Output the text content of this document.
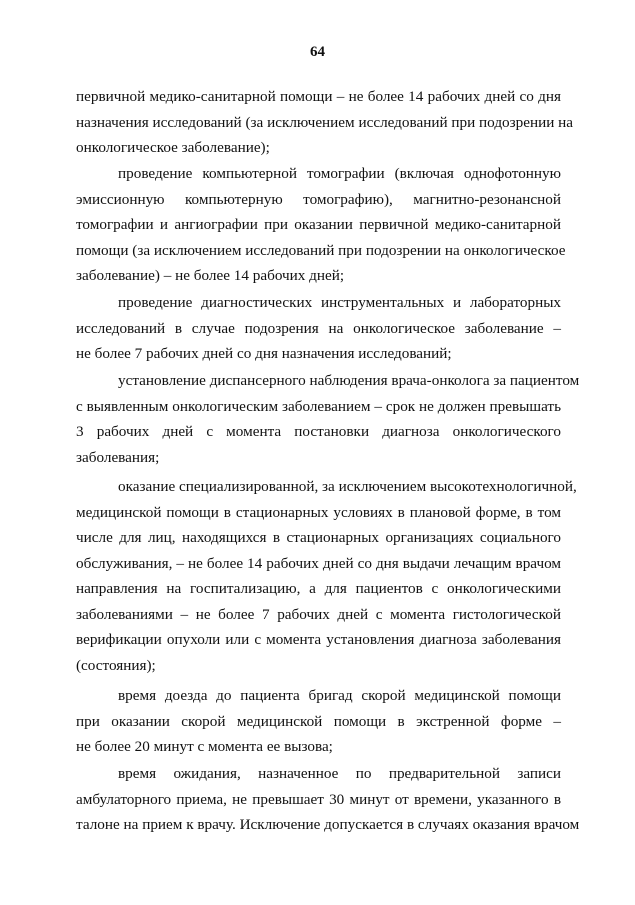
64
первичной медико-санитарной помощи – не более 14 рабочих дней со дня
назначения исследований (за исключением исследований при подозрении на
онкологическое заболевание);
проведение компьютерной томографии (включая однофотонную
эмиссионную компьютерную томографию), магнитно-резонансной
томографии и ангиографии при оказании первичной медико-санитарной
помощи (за исключением исследований при подозрении на онкологическое
заболевание) – не более 14 рабочих дней;
проведение диагностических инструментальных и лабораторных
исследований в случае подозрения на онкологическое заболевание –
не более 7 рабочих дней со дня назначения исследований;
установление диспансерного наблюдения врача-онколога за пациентом
с выявленным онкологическим заболеванием – срок не должен превышать
3 рабочих дней с момента постановки диагноза онкологического
заболевания;
оказание специализированной, за исключением высокотехнологичной,
медицинской помощи в стационарных условиях в плановой форме, в том
числе для лиц, находящихся в стационарных организациях социального
обслуживания, – не более 14 рабочих дней со дня выдачи лечащим врачом
направления на госпитализацию, а для пациентов с онкологическими
заболеваниями – не более 7 рабочих дней с момента гистологической
верификации опухоли или с момента установления диагноза заболевания
(состояния);
время доезда до пациента бригад скорой медицинской помощи
при оказании скорой медицинской помощи в экстренной форме –
не более 20 минут с момента ее вызова;
время ожидания, назначенное по предварительной записи
амбулаторного приема, не превышает 30 минут от времени, указанного в
талоне на прием к врачу. Исключение допускается в случаях оказания врачом
